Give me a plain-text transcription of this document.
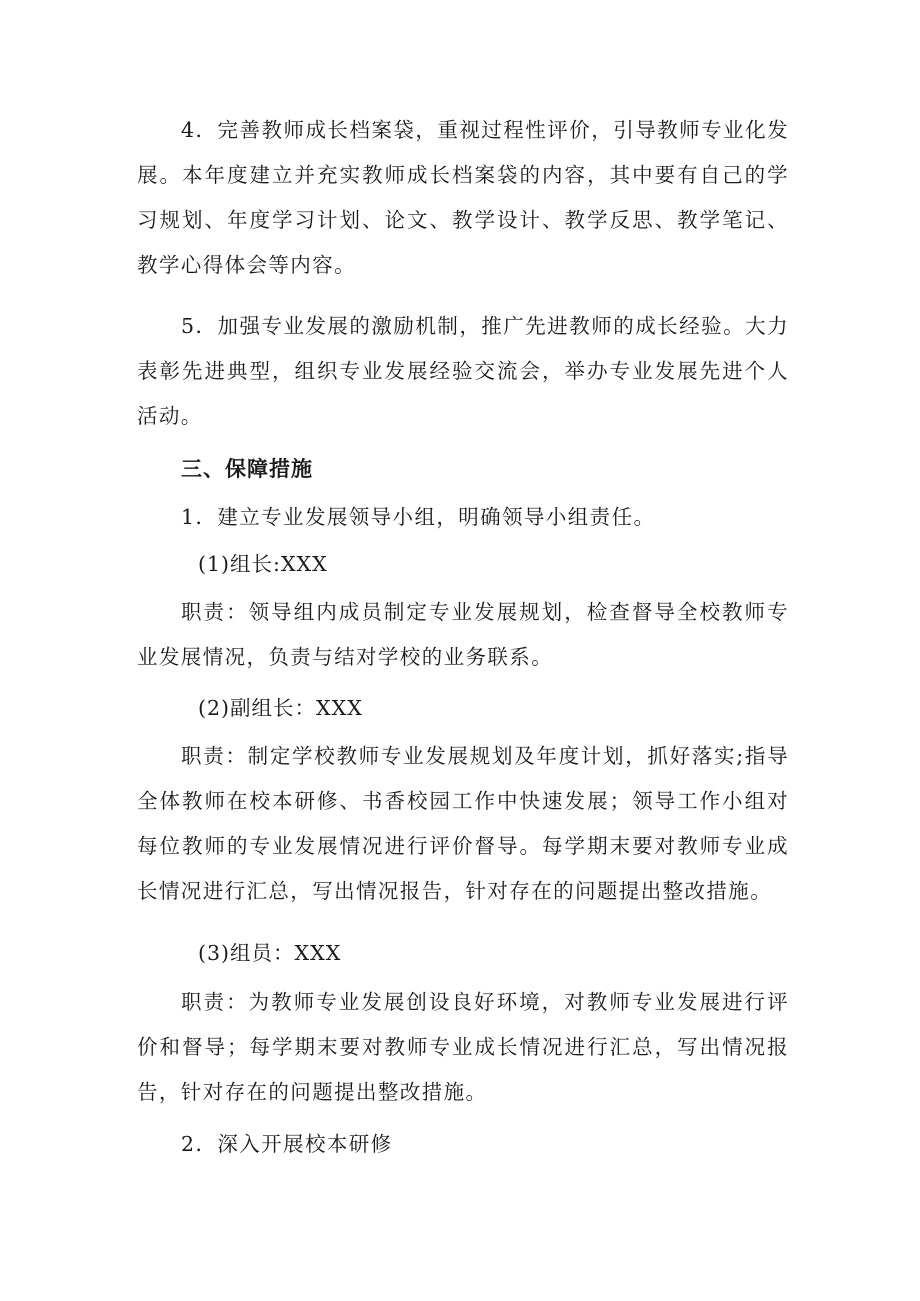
4．完善教师成长档案袋，重视过程性评价，引导教师专业化发展。本年度建立并充实教师成长档案袋的内容，其中要有自己的学习规划、年度学习计划、论文、教学设计、教学反思、教学笔记、教学心得体会等内容。

5．加强专业发展的激励机制，推广先进教师的成长经验。大力表彰先进典型，组织专业发展经验交流会，举办专业发展先进个人活动。

三、保障措施

1．建立专业发展领导小组，明确领导小组责任。

(1)组长:XXX

职责：领导组内成员制定专业发展规划，检查督导全校教师专业发展情况，负责与结对学校的业务联系。

(2)副组长：XXX

职责：制定学校教师专业发展规划及年度计划，抓好落实;指导全体教师在校本研修、书香校园工作中快速发展；领导工作小组对每位教师的专业发展情况进行评价督导。每学期末要对教师专业成长情况进行汇总，写出情况报告，针对存在的问题提出整改措施。

(3)组员：XXX

职责：为教师专业发展创设良好环境，对教师专业发展进行评价和督导；每学期末要对教师专业成长情况进行汇总，写出情况报告，针对存在的问题提出整改措施。

2．深入开展校本研修
